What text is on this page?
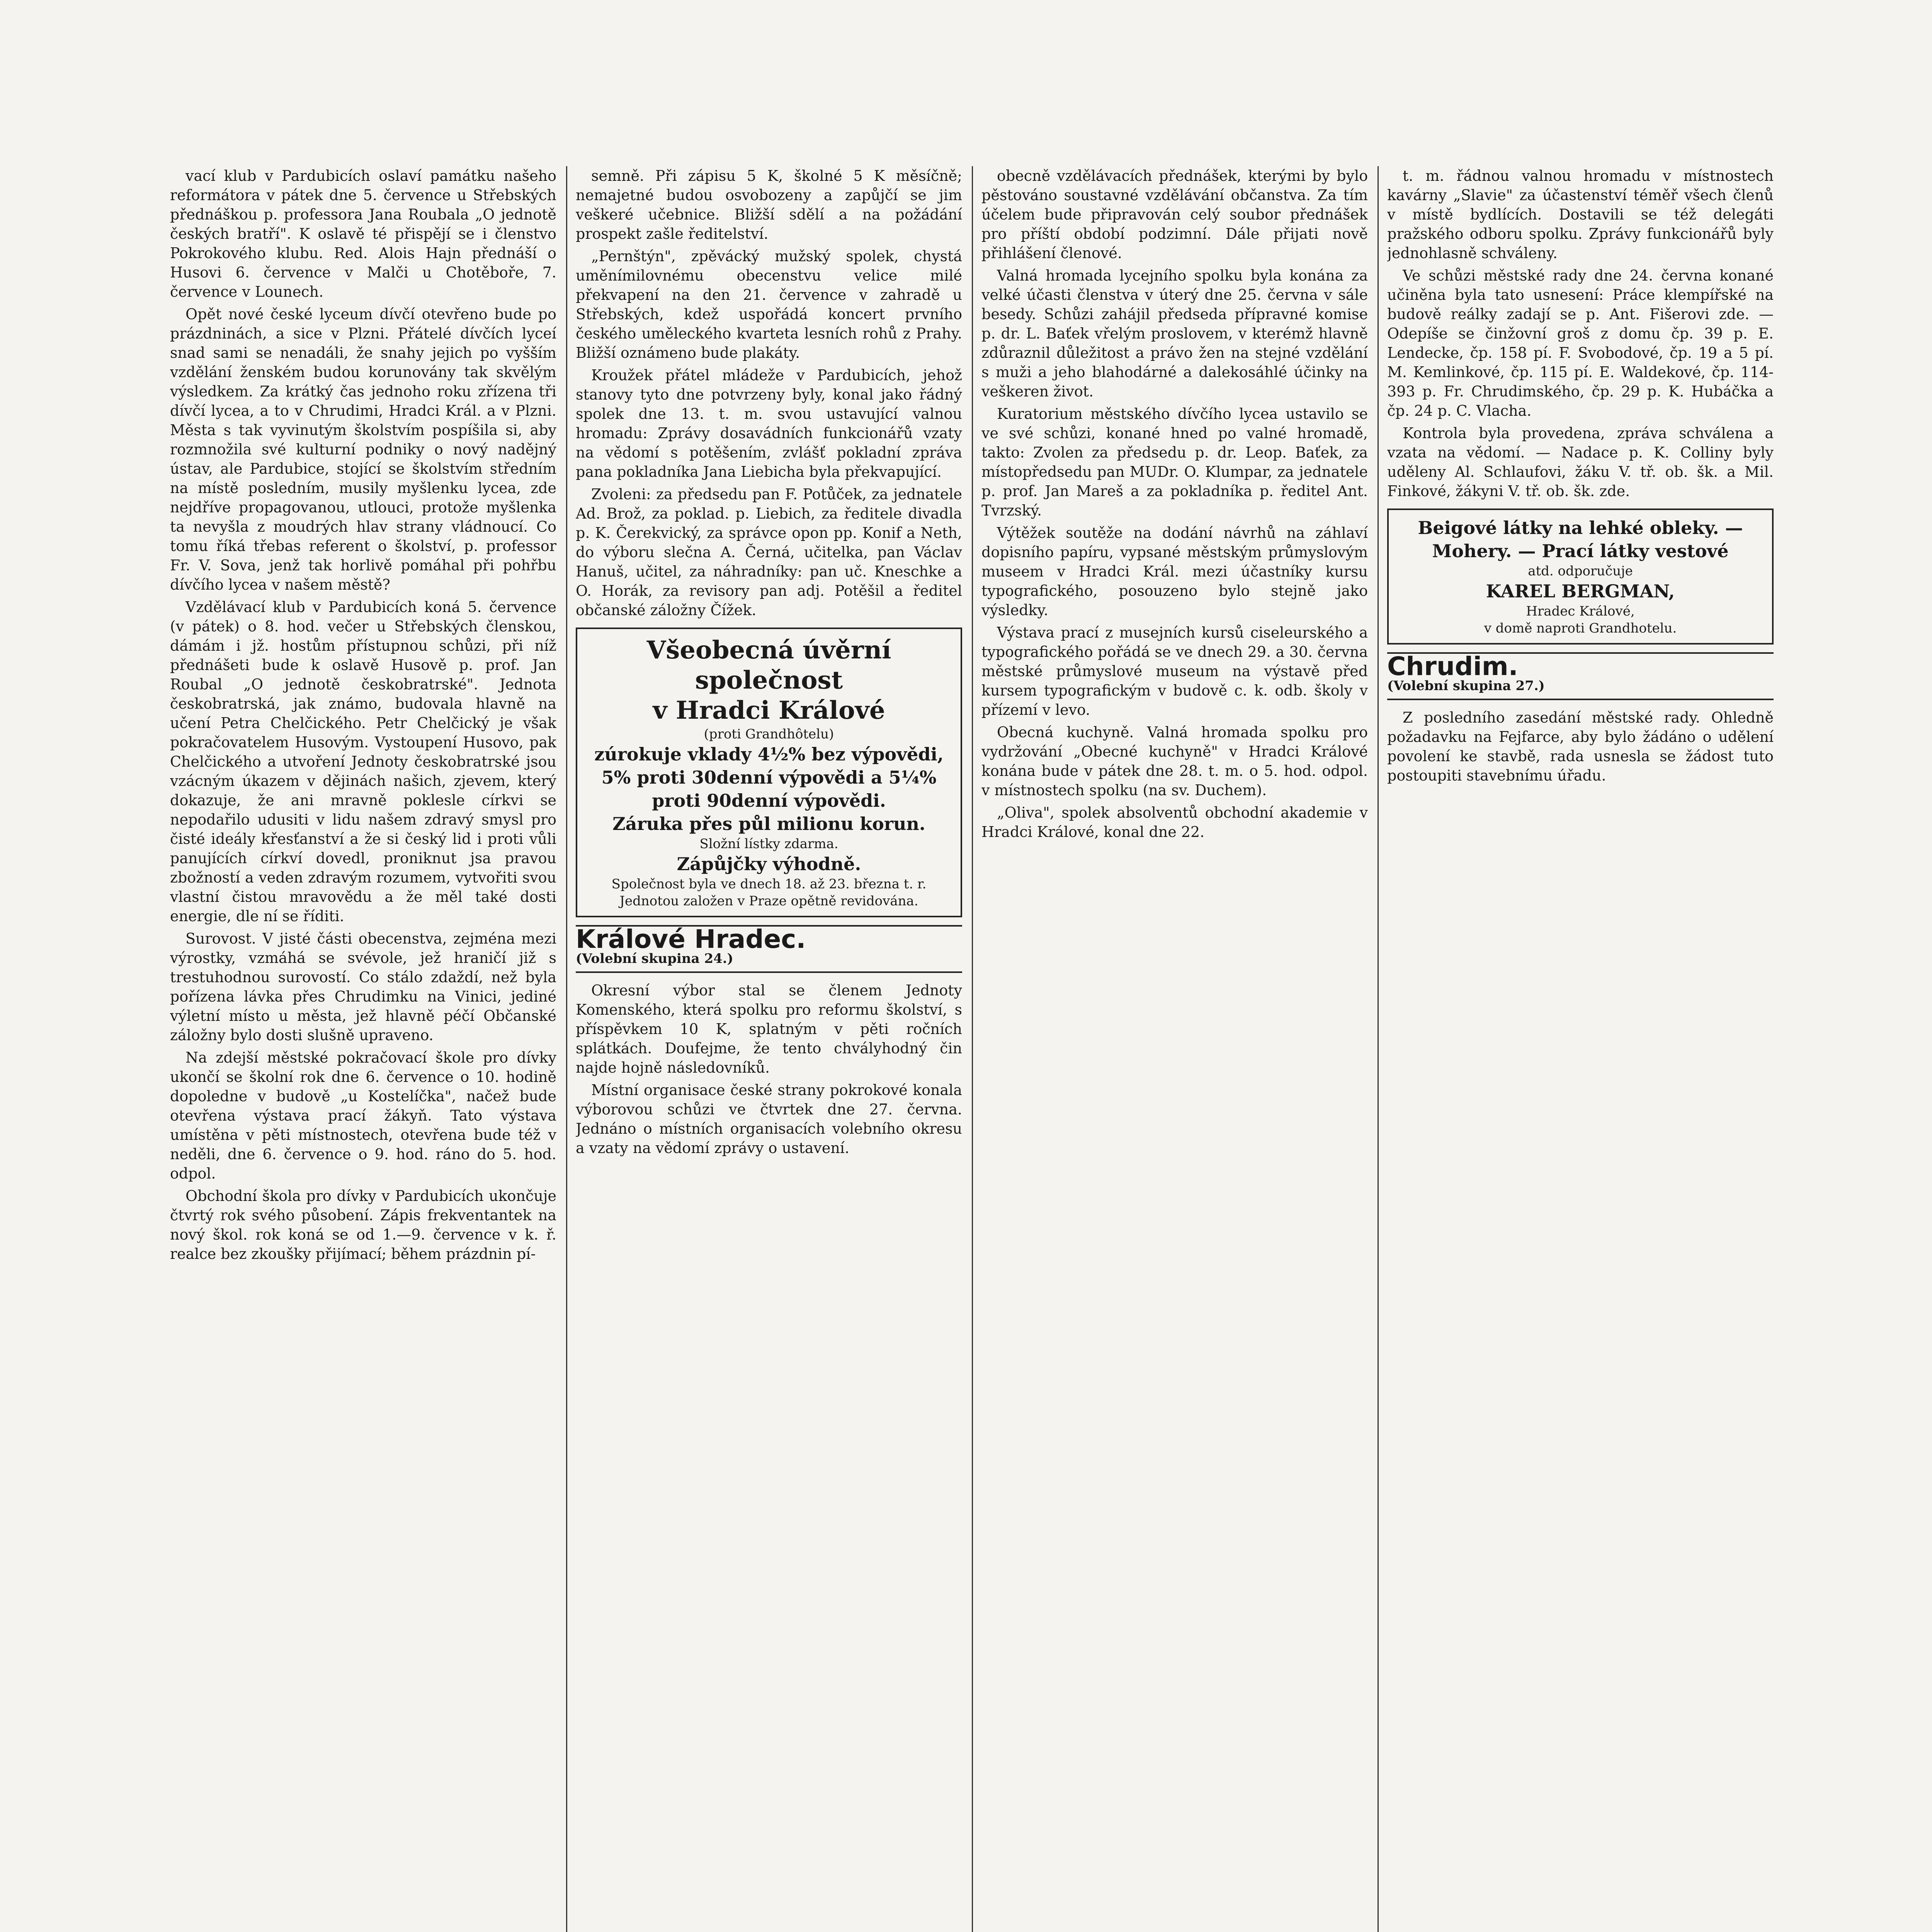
vací klub v Pardubicích oslaví památku našeho reformátora v pátek dne 5. července u Střebských přednáškou p. professora Jana Roubala „O jednotě českých bratří". K oslavě té přispějí se i členstvo Pokrokového klubu. Red. Alois Hajn přednáší o Husovi 6. července v Malči u Chotěboře, 7. července v Lounech.

Opět nové české lyceum dívčí otevřeno bude po prázdninách, a sice v Plzni. Přátelé dívčích lyceí snad sami se nenadáli, že snahy jejich po vyšším vzdělání ženském budou korunovány tak skvělým výsledkem. Za krátký čas jednoho roku zřízena tři dívčí lycea, a to v Chrudimi, Hradci Král. a v Plzni. Města s tak vyvinutým školstvím pospíšila si, aby rozmnožila své kulturní podniky o nový nadějný ústav, ale Pardubice, stojící se školstvím středním na místě posledním, musily myšlenku lycea, zde nejdříve propagovanou, utlouci, protože myšlenka ta nevyšla z moudrých hlav strany vládnoucí. Co tomu říká třebas referent o školství, p. professor Fr. V. Sova, jenž tak horlivě pomáhal při pohřbu dívčího lycea v našem městě?

Vzdělávací klub v Pardubicích koná 5. července (v pátek) o 8. hod. večer u Střebských členskou, dámám i jž. hostům přístupnou schůzi, při níž přednášeti bude k oslavě Husově p. prof. Jan Roubal „O jednotě českobratrské". Jednota českobratrská, jak známo, budovala hlavně na učení Petra Chelčického. Petr Chelčický je však pokračovatelem Husovým. Vystoupení Husovo, pak Chelčického a utvoření Jednoty českobratrské jsou vzácným úkazem v dějinách našich, zjevem, který dokazuje, že ani mravně poklesle církvi se nepodařilo udusiti v lidu našem zdravý smysl pro čisté ideály křesťanství a že si český lid i proti vůli panujících církví dovedl, proniknut jsa pravou zbožností a veden zdravým rozumem, vytvořiti svou vlastní čistou mravovědu a že měl také dosti energie, dle ní se říditi.

Surovost. V jisté části obecenstva, zejména mezi výrostky, vzmáhá se svévole, jež hraničí již s trestuhodnou surovostí. Co stálo zdaždí, než byla pořízena lávka přes Chrudimku na Vinici, jediné výletní místo u města, jež hlavně péčí Občanské záložny bylo dosti slušně upraveno.

Na zdejší městské pokračovací škole pro dívky ukončí se školní rok dne 6. července o 10. hodině dopoledne v budově „u Kostelíčka", načež bude otevřena výstava prací žákyň. Tato výstava umístěna v pěti místnostech, otevřena bude též v neděli, dne 6. července o 9. hod. ráno do 5. hod. odpol.

Obchodní škola pro dívky v Pardubicích ukončuje čtvrtý rok svého působení. Zápis frekventantek na nový škol. rok koná se od 1.—9. července v k. ř. realce bez zkoušky přijímací; během prázdnin pí-

semně. Při zápisu 5 K, školné 5 K měsíčně; nemajetné budou osvobozeny a zapůjčí se jim veškeré učebnice. Bližší sdělí a na požádání prospekt zašle ředitelství.

„Pernštýn", zpěvácký mužský spolek, chystá uměnímilovnému obecenstvu velice milé překvapení na den 21. července v zahradě u Střebských, kdež uspořádá koncert prvního českého uměleckého kvarteta lesních rohů z Prahy. Bližší oznámeno bude plakáty.

Kroužek přátel mládeže v Pardubicích, jehož stanovy tyto dne potvrzeny byly, konal jako řádný spolek dne 13. t. m. svou ustavující valnou hromadu: Zprávy dosavádních funkcionářů vzaty na vědomí s potěšením, zvlášť pokladní zpráva pana pokladníka Jana Liebicha byla překvapující.

Zvoleni: za předsedu pan F. Potůček, za jednatele Ad. Brož, za poklad. p. Liebich, za ředitele divadla p. K. Čerekvický, za správce opon pp. Konif a Neth, do výboru slečna A. Černá, učitelka, pan Václav Hanuš, učitel, za náhradníky: pan uč. Kneschke a O. Horák, za revisory pan adj. Potěšil a ředitel občanské záložny Čížek.

Všeobecná úvěrní společnost
v Hradci Králové
(proti Grandhôtelu)
zúrokuje vklady 4½% bez výpovědi, 5% proti 30denní výpovědi a 5¼% proti 90denní výpovědi.
Záruka přes půl milionu korun.
Složní lístky zdarma.
Zápůjčky výhodně.
Společnost byla ve dnech 18. až 23. března t. r. Jednotou založen v Praze opětně revidována.
Králové Hradec.
(Volební skupina 24.)

Okresní výbor stal se členem Jednoty Komenského, která spolku pro reformu školství, s příspěvkem 10 K, splatným v pěti ročních splátkách. Doufejme, že tento chvályhodný čin najde hojně následovníků.

Místní organisace české strany pokrokové konala výborovou schůzi ve čtvrtek dne 27. června. Jednáno o místních organisacích volebního okresu a vzaty na vědomí zprávy o ustavení.

obecně vzdělávacích přednášek, kterými by bylo pěstováno soustavné vzdělávání občanstva. Za tím účelem bude připravován celý soubor přednášek pro příští období podzimní. Dále přijati nově přihlášení členové.

Valná hromada lycejního spolku byla konána za velké účasti členstva v úterý dne 25. června v sále besedy. Schůzi zahájil předseda přípravné komise p. dr. L. Baťek vřelým proslovem, v kterémž hlavně zdůraznil důležitost a právo žen na stejné vzdělání s muži a jeho blahodárné a dalekosáhlé účinky na veškeren život.

Kuratorium městského dívčího lycea ustavilo se ve své schůzi, konané hned po valné hromadě, takto: Zvolen za předsedu p. dr. Leop. Baťek, za místopředsedu pan MUDr. O. Klumpar, za jednatele p. prof. Jan Mareš a za pokladníka p. ředitel Ant. Tvrzský.

Výtěžek soutěže na dodání návrhů na záhlaví dopisního papíru, vypsané městským průmyslovým museem v Hradci Král. mezi účastníky kursu typografického, posouzeno bylo stejně jako výsledky.

Výstava prací z musejních kursů ciseleurského a typografického pořádá se ve dnech 29. a 30. června městské průmyslové museum na výstavě před kursem typografickým v budově c. k. odb. školy v přízemí v levo.

Obecná kuchyně. Valná hromada spolku pro vydržování „Obecné kuchyně" v Hradci Králové konána bude v pátek dne 28. t. m. o 5. hod. odpol. v místnostech spolku (na sv. Duchem).

„Oliva", spolek absolventů obchodní akademie v Hradci Králové, konal dne 22.

t. m. řádnou valnou hromadu v místnostech kavárny „Slavie" za účastenství téměř všech členů v místě bydlících. Dostavili se též delegáti pražského odboru spolku. Zprávy funkcionářů byly jednohlasně schváleny.

Ve schůzi městské rady dne 24. června konané učiněna byla tato usnesení: Práce klempířské na budově reálky zadají se p. Ant. Fišerovi zde. — Odepíše se činžovní groš z domu čp. 39 p. E. Lendecke, čp. 158 pí. F. Svobodové, čp. 19 a 5 pí. M. Kemlinkové, čp. 115 pí. E. Waldekové, čp. 114-393 p. Fr. Chrudimského, čp. 29 p. K. Hubáčka a čp. 24 p. C. Vlacha.

Kontrola byla provedena, zpráva schválena a vzata na vědomí. — Nadace p. K. Colliny byly uděleny Al. Schlaufovi, žáku V. tř. ob. šk. a Mil. Finkové, žákyni V. tř. ob. šk. zde.

Beigové látky na lehké obleky. — Mohery. — Prací látky vestové
atd. odporučuje
KAREL BERGMAN,
Hradec Králové,
v domě naproti Grandhotelu.
Chrudim.
(Volební skupina 27.)

Z posledního zasedání městské rady. Ohledně požadavku na Fejfarce, aby bylo žádáno o udělení povolení ke stavbě, rada usnesla se žádost tuto postoupiti stavebnímu úřadu.
